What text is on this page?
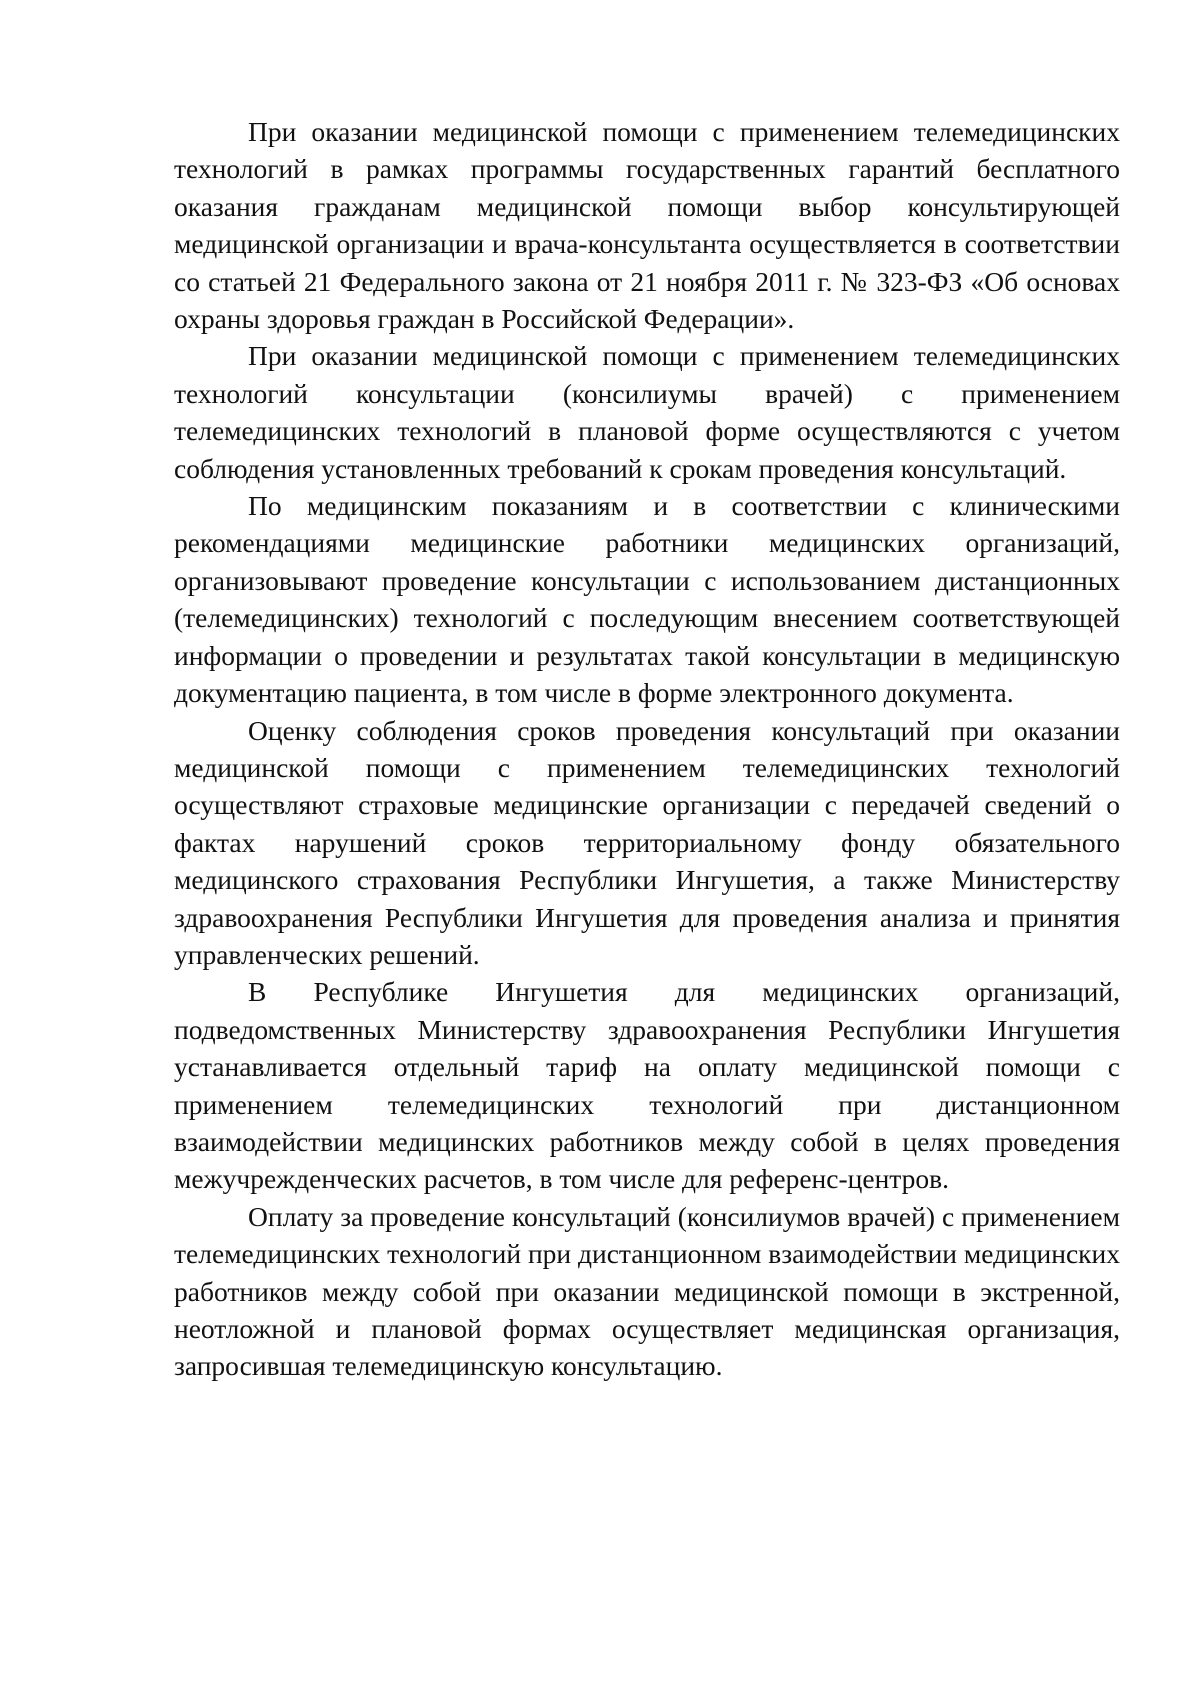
При оказании медицинской помощи с применением телемедицинских технологий в рамках программы государственных гарантий бесплатного оказания гражданам медицинской помощи выбор консультирующей медицинской организации и врача-консультанта осуществляется в соответствии со статьей 21 Федерального закона от 21 ноября 2011 г. № 323-ФЗ «Об основах охраны здоровья граждан в Российской Федерации».

При оказании медицинской помощи с применением телемедицинских технологий консультации (консилиумы врачей) с применением телемедицинских технологий в плановой форме осуществляются с учетом соблюдения установленных требований к срокам проведения консультаций.

По медицинским показаниям и в соответствии с клиническими рекомендациями медицинские работники медицинских организаций, организовывают проведение консультации с использованием дистанционных (телемедицинских) технологий с последующим внесением соответствующей информации о проведении и результатах такой консультации в медицинскую документацию пациента, в том числе в форме электронного документа.

Оценку соблюдения сроков проведения консультаций при оказании медицинской помощи с применением телемедицинских технологий осуществляют страховые медицинские организации с передачей сведений о фактах нарушений сроков территориальному фонду обязательного медицинского страхования Республики Ингушетия, а также Министерству здравоохранения Республики Ингушетия для проведения анализа и принятия управленческих решений.

В Республике Ингушетия для медицинских организаций, подведомственных Министерству здравоохранения Республики Ингушетия устанавливается отдельный тариф на оплату медицинской помощи с применением телемедицинских технологий при дистанционном взаимодействии медицинских работников между собой в целях проведения межучрежденческих расчетов, в том числе для референс-центров.

Оплату за проведение консультаций (консилиумов врачей) с применением телемедицинских технологий при дистанционном взаимодействии медицинских работников между собой при оказании медицинской помощи в экстренной, неотложной и плановой формах осуществляет медицинская организация, запросившая телемедицинскую консультацию.
